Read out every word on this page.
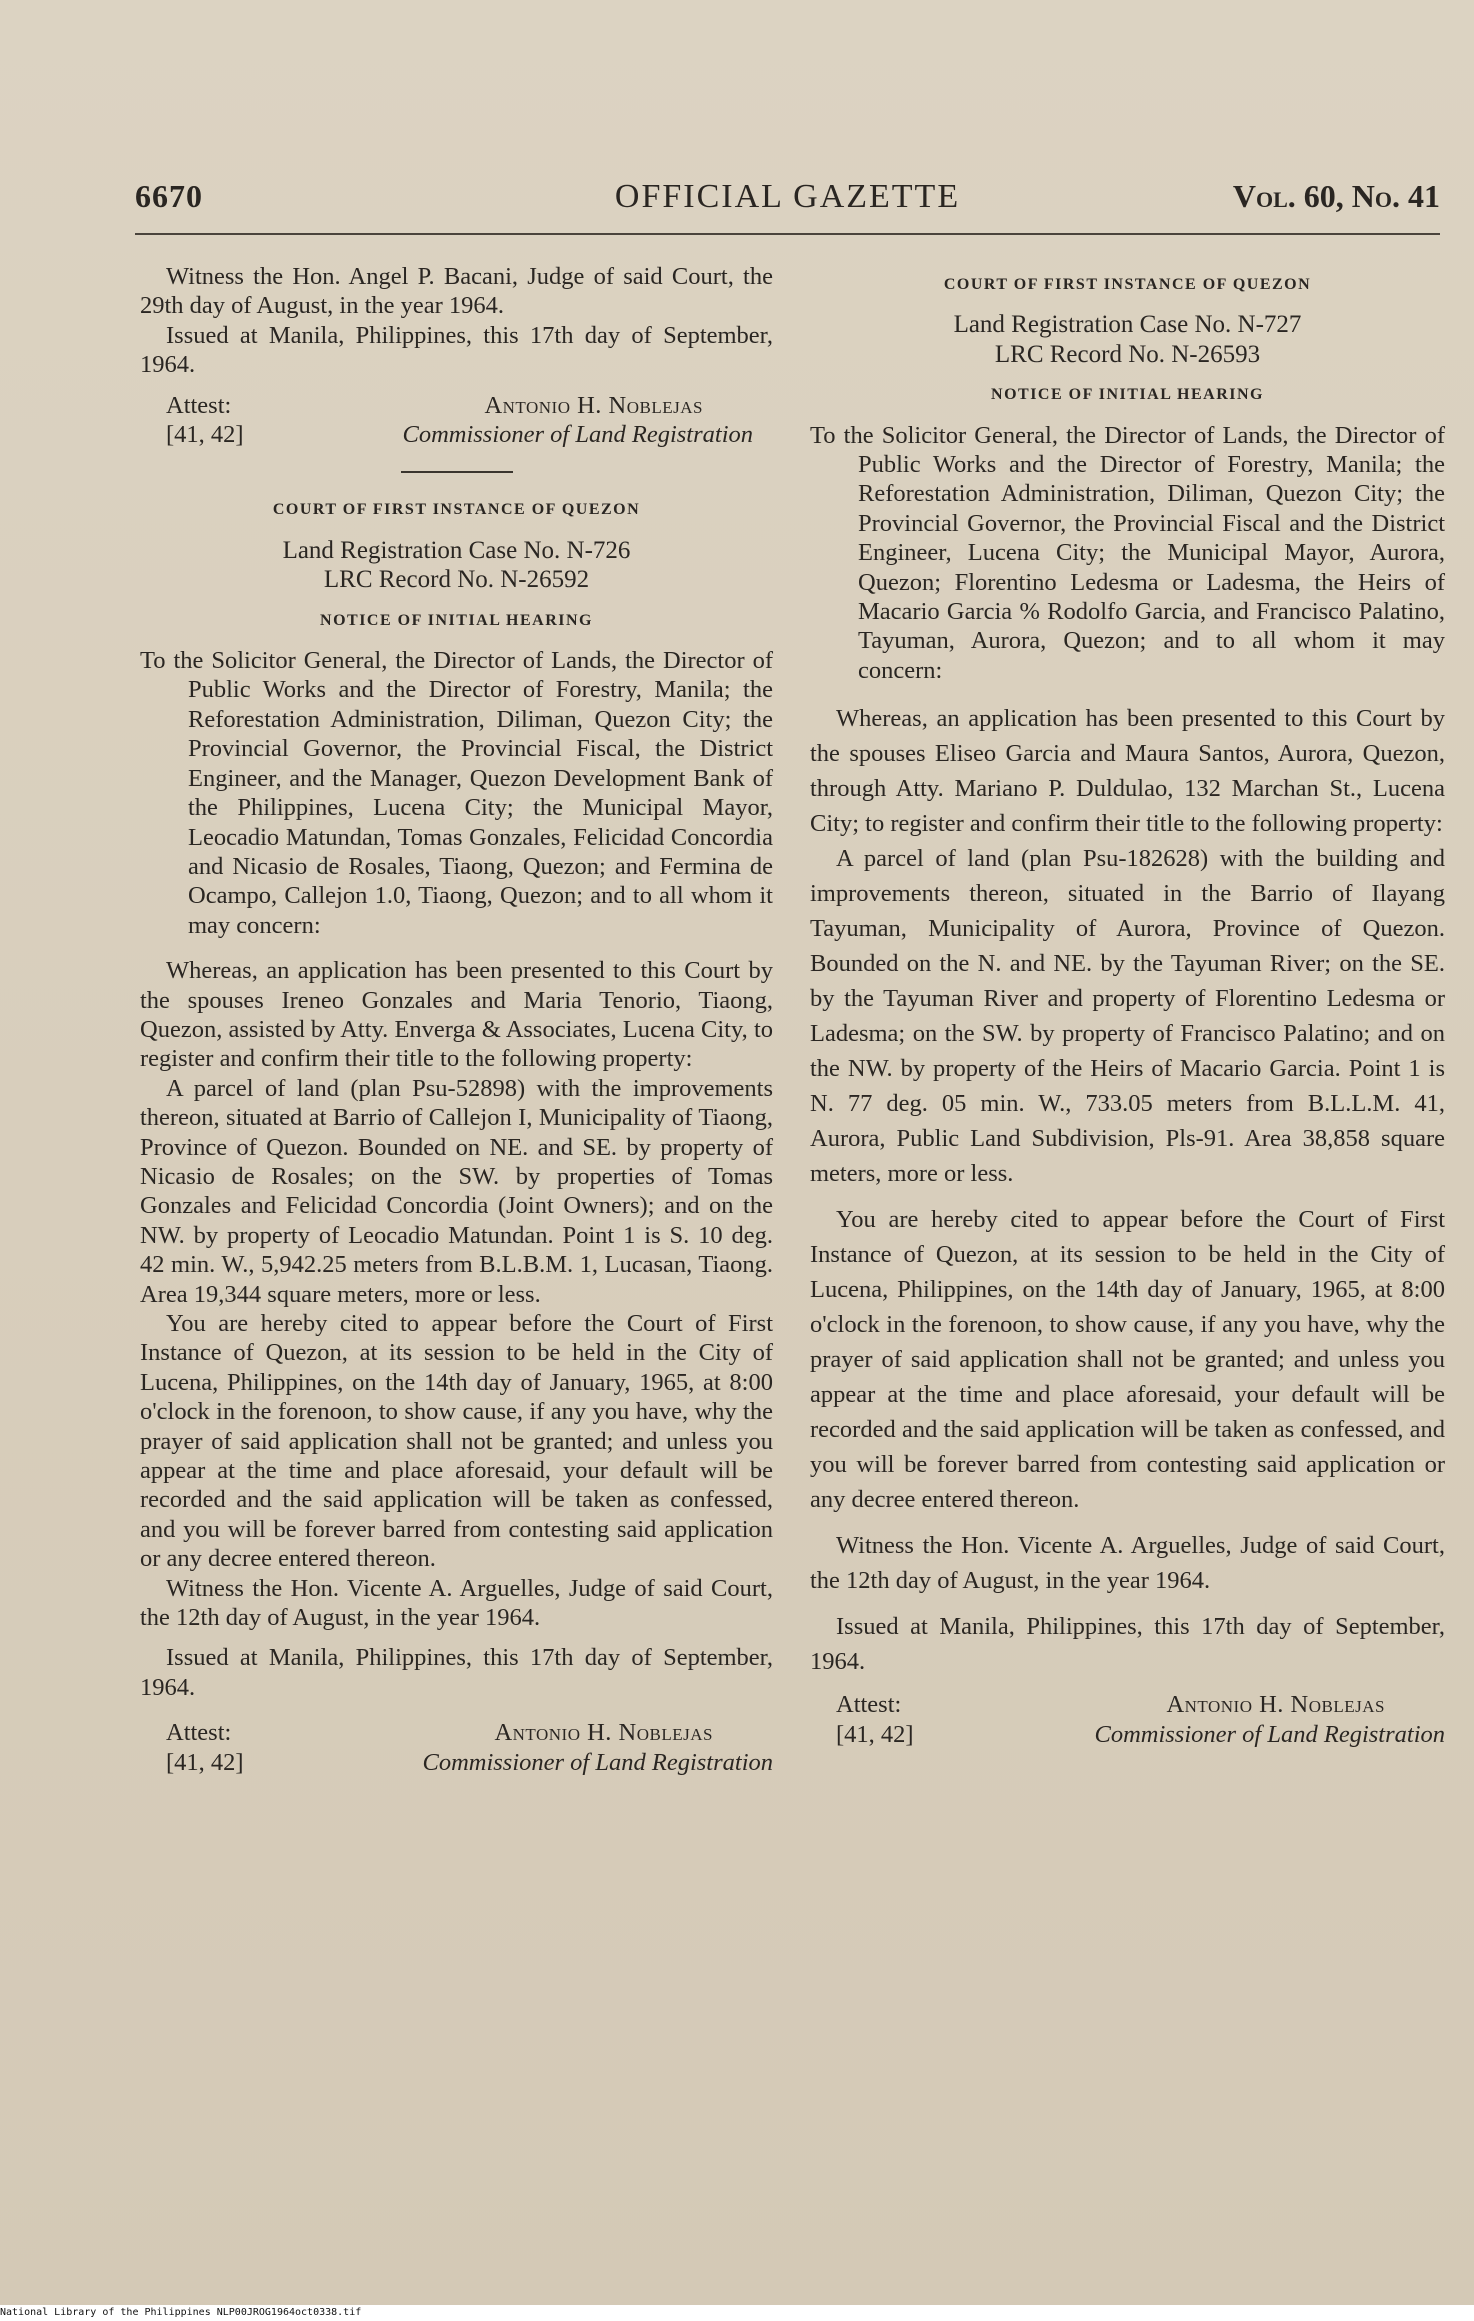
6670	OFFICIAL GAZETTE	Vol. 60, No. 41

Witness the Hon. Angel P. Bacani, Judge of said Court, the 29th day of August, in the year 1964.

Issued at Manila, Philippines, this 17th day of September, 1964.

Attest:	Antonio H. Noblejas
[41, 42]	Commissioner of Land Registration

COURT OF FIRST INSTANCE OF QUEZON

Land Registration Case No. N-726

LRC Record No. N-26592

NOTICE OF INITIAL HEARING

To the Solicitor General, the Director of Lands, the Director of Public Works and the Director of Forestry, Manila; the Reforestation Administration, Diliman, Quezon City; the Provincial Governor, the Provincial Fiscal, the District Engineer, and the Manager, Quezon Development Bank of the Philippines, Lucena City; the Municipal Mayor, Leocadio Matundan, Tomas Gonzales, Felicidad Concordia and Nicasio de Rosales, Tiaong, Quezon; and Fermina de Ocampo, Callejon 1.0, Tiaong, Quezon; and to all whom it may concern:

Whereas, an application has been presented to this Court by the spouses Ireneo Gonzales and Maria Tenorio, Tiaong, Quezon, assisted by Atty. Enverga & Associates, Lucena City, to register and confirm their title to the following property:

A parcel of land (plan Psu-52898) with the improvements thereon, situated at Barrio of Callejon I, Municipality of Tiaong, Province of Quezon. Bounded on NE. and SE. by property of Nicasio de Rosales; on the SW. by properties of Tomas Gonzales and Felicidad Concordia (Joint Owners); and on the NW. by property of Leocadio Matundan. Point 1 is S. 10 deg. 42 min. W., 5,942.25 meters from B.L.B.M. 1, Lucasan, Tiaong. Area 19,344 square meters, more or less.

You are hereby cited to appear before the Court of First Instance of Quezon, at its session to be held in the City of Lucena, Philippines, on the 14th day of January, 1965, at 8:00 o'clock in the forenoon, to show cause, if any you have, why the prayer of said application shall not be granted; and unless you appear at the time and place aforesaid, your default will be recorded and the said application will be taken as confessed, and you will be forever barred from contesting said application or any decree entered thereon.

Witness the Hon. Vicente A. Arguelles, Judge of said Court, the 12th day of August, in the year 1964.

Issued at Manila, Philippines, this 17th day of September, 1964.

Attest:	Antonio H. Noblejas
[41, 42]	Commissioner of Land Registration

COURT OF FIRST INSTANCE OF QUEZON

Land Registration Case No. N-727

LRC Record No. N-26593

NOTICE OF INITIAL HEARING

To the Solicitor General, the Director of Lands, the Director of Public Works and the Director of Forestry, Manila; the Reforestation Administration, Diliman, Quezon City; the Provincial Governor, the Provincial Fiscal and the District Engineer, Lucena City; the Municipal Mayor, Aurora, Quezon; Florentino Ledesma or Ladesma, the Heirs of Macario Garcia % Rodolfo Garcia, and Francisco Palatino, Tayuman, Aurora, Quezon; and to all whom it may concern:

Whereas, an application has been presented to this Court by the spouses Eliseo Garcia and Maura Santos, Aurora, Quezon, through Atty. Mariano P. Duldulao, 132 Marchan St., Lucena City; to register and confirm their title to the following property:

A parcel of land (plan Psu-182628) with the building and improvements thereon, situated in the Barrio of Ilayang Tayuman, Municipality of Aurora, Province of Quezon. Bounded on the N. and NE. by the Tayuman River; on the SE. by the Tayuman River and property of Florentino Ledesma or Ladesma; on the SW. by property of Francisco Palatino; and on the NW. by property of the Heirs of Macario Garcia. Point 1 is N. 77 deg. 05 min. W., 733.05 meters from B.L.L.M. 41, Aurora, Public Land Subdivision, Pls-91. Area 38,858 square meters, more or less.

You are hereby cited to appear before the Court of First Instance of Quezon, at its session to be held in the City of Lucena, Philippines, on the 14th day of January, 1965, at 8:00 o'clock in the forenoon, to show cause, if any you have, why the prayer of said application shall not be granted; and unless you appear at the time and place aforesaid, your default will be recorded and the said application will be taken as confessed, and you will be forever barred from contesting said application or any decree entered thereon.

Witness the Hon. Vicente A. Arguelles, Judge of said Court, the 12th day of August, in the year 1964.

Issued at Manila, Philippines, this 17th day of September, 1964.

Attest:	Antonio H. Noblejas
[41, 42]	Commissioner of Land Registration
National Library of the Philippines NLP00JROG1964oct0338.tif
